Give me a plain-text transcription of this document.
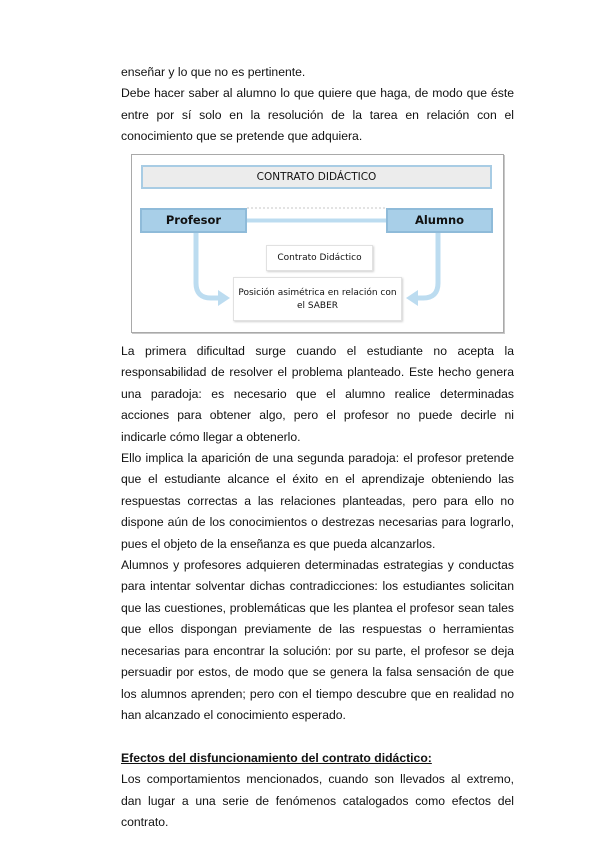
enseñar y lo que no es pertinente.

Debe hacer saber al alumno lo que quiere que haga, de modo que éste entre por sí solo en la resolución de la tarea en relación con el conocimiento que se pretende que adquiera.

CONTRATO DIDÁCTICO
Profesor	Alumno
Contrato Didáctico
Posición asimétrica en relación con el SABER

La primera dificultad surge cuando el estudiante no acepta la responsabilidad de resolver el problema planteado. Este hecho genera una paradoja: es necesario que el alumno realice determinadas acciones para obtener algo, pero el profesor no puede decirle ni indicarle cómo llegar a obtenerlo.

Ello implica la aparición de una segunda paradoja: el profesor pretende que el estudiante alcance el éxito en el aprendizaje obteniendo las respuestas correctas a las relaciones planteadas, pero para ello no dispone aún de los conocimientos o destrezas necesarias para lograrlo, pues el objeto de la enseñanza es que pueda alcanzarlos.

Alumnos y profesores adquieren determinadas estrategias y conductas para intentar solventar dichas contradicciones: los estudiantes solicitan que las cuestiones, problemáticas que les plantea el profesor sean tales que ellos dispongan previamente de las respuestas o herramientas necesarias para encontrar la solución: por su parte, el profesor se deja persuadir por estos, de modo que se genera la falsa sensación de que los alumnos aprenden; pero con el tiempo descubre que en realidad no han alcanzado el conocimiento esperado.

Efectos del disfuncionamiento del contrato didáctico:

Los comportamientos mencionados, cuando son llevados al extremo, dan lugar a una serie de fenómenos catalogados como efectos del contrato.
